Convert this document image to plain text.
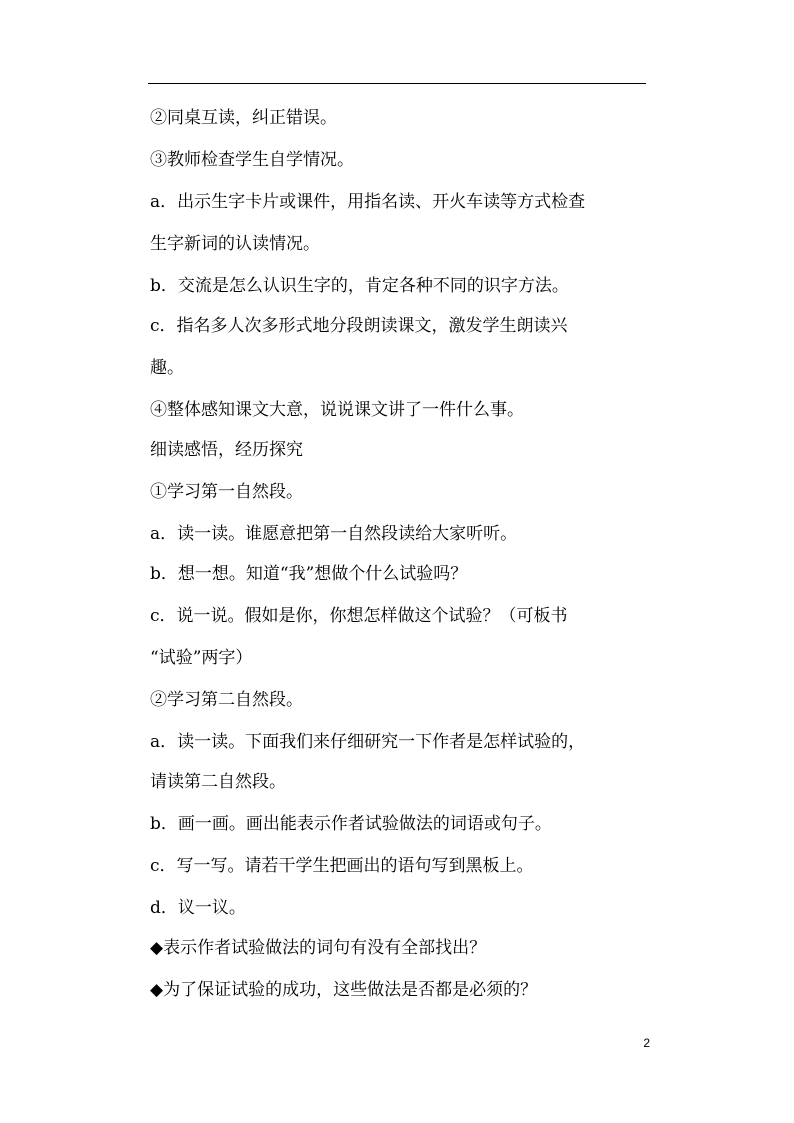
②同桌互读，纠正错误。
③教师检查学生自学情况。
a．出示生字卡片或课件，用指名读、开火车读等方式检查
生字新词的认读情况。
b．交流是怎么认识生字的，肯定各种不同的识字方法。
c．指名多人次多形式地分段朗读课文，激发学生朗读兴
趣。
④整体感知课文大意，说说课文讲了一件什么事。
细读感悟，经历探究
①学习第一自然段。
a．读一读。谁愿意把第一自然段读给大家听听。
b．想一想。知道“我”想做个什么试验吗？
c．说一说。假如是你，你想怎样做这个试验？（可板书
“试验”两字）
②学习第二自然段。
a．读一读。下面我们来仔细研究一下作者是怎样试验的，
请读第二自然段。
b．画一画。画出能表示作者试验做法的词语或句子。
c．写一写。请若干学生把画出的语句写到黑板上。
d．议一议。
◆表示作者试验做法的词句有没有全部找出？
◆为了保证试验的成功，这些做法是否都是必须的？
2
